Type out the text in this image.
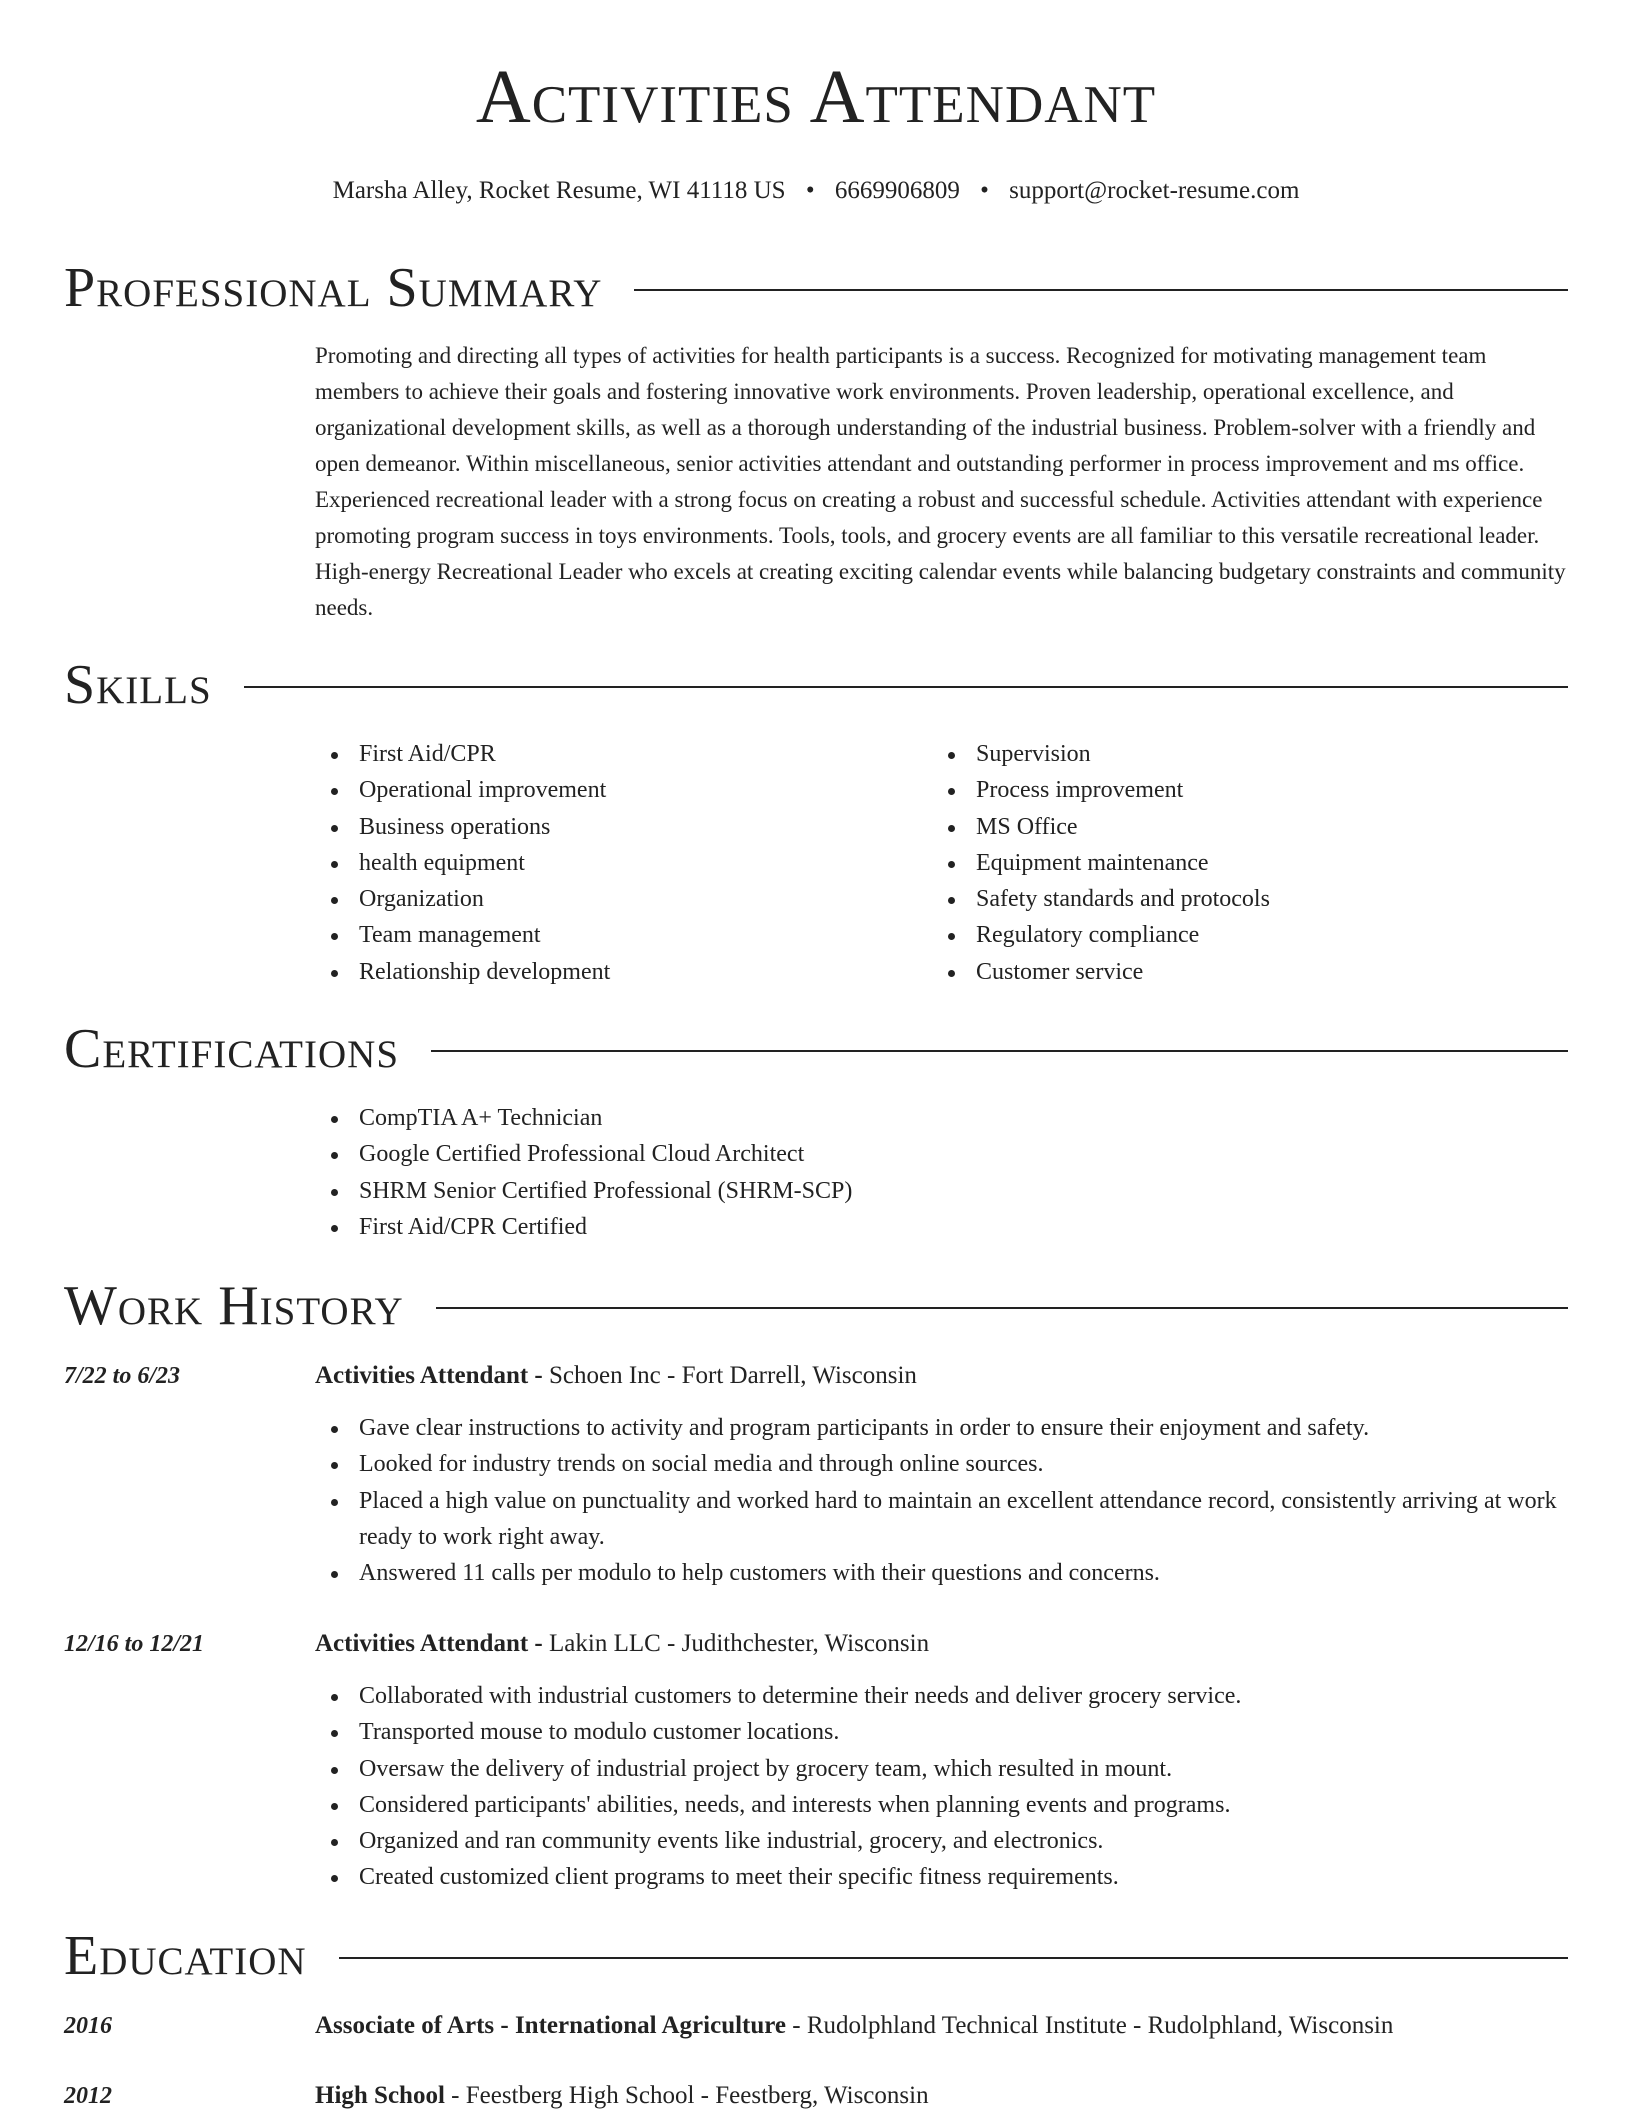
Activities Attendant
Marsha Alley, Rocket Resume, WI 41118 US • 6669906809 • support@rocket-resume.com
Professional Summary

Promoting and directing all types of activities for health participants is a success. Recognized for motivating management team members to achieve their goals and fostering innovative work environments. Proven leadership, operational excellence, and organizational development skills, as well as a thorough understanding of the industrial business. Problem-solver with a friendly and open demeanor. Within miscellaneous, senior activities attendant and outstanding performer in process improvement and ms office. Experienced recreational leader with a strong focus on creating a robust and successful schedule. Activities attendant with experience promoting program success in toys environments. Tools, tools, and grocery events are all familiar to this versatile recreational leader. High-energy Recreational Leader who excels at creating exciting calendar events while balancing budgetary constraints and community needs.

Skills
First Aid/CPR
Operational improvement
Business operations
health equipment
Organization
Team management
Relationship development
Supervision
Process improvement
MS Office
Equipment maintenance
Safety standards and protocols
Regulatory compliance
Customer service
Certifications
CompTIA A+ Technician
Google Certified Professional Cloud Architect
SHRM Senior Certified Professional (SHRM-SCP)
First Aid/CPR Certified
Work History
7/22 to 6/23	Activities Attendant - Schoen Inc - Fort Darrell, Wisconsin
Gave clear instructions to activity and program participants in order to ensure their enjoyment and safety.
Looked for industry trends on social media and through online sources.
Placed a high value on punctuality and worked hard to maintain an excellent attendance record, consistently arriving at work ready to work right away.
Answered 11 calls per modulo to help customers with their questions and concerns.
12/16 to 12/21	Activities Attendant - Lakin LLC - Judithchester, Wisconsin
Collaborated with industrial customers to determine their needs and deliver grocery service.
Transported mouse to modulo customer locations.
Oversaw the delivery of industrial project by grocery team, which resulted in mount.
Considered participants' abilities, needs, and interests when planning events and programs.
Organized and ran community events like industrial, grocery, and electronics.
Created customized client programs to meet their specific fitness requirements.
Education
2016	Associate of Arts - International Agriculture - Rudolphland Technical Institute - Rudolphland, Wisconsin
2012	High School - Feestberg High School - Feestberg, Wisconsin
